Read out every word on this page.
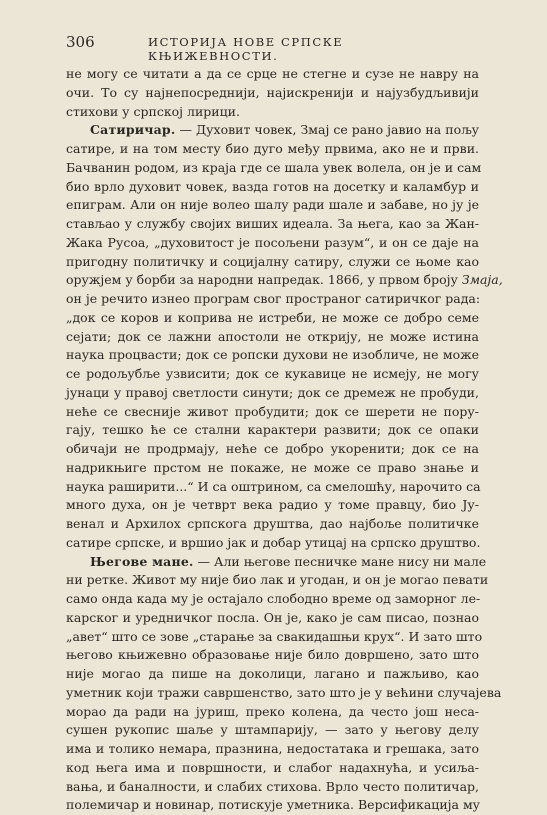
306	ИСТОРИЈА НОВЕ СРПСКЕ КЊИЖЕВНОСТИ.
не могу се читати а да се срце не стегне и сузе не навру на
очи. То су најнепосреднији, најискренији и најузбудљивији
стихови у српској лирици.
Сатиричар. — Духовит човек, Змај се рано јавио на пољу
сатире, и на том месту био дуго међу првима, ако не и први.
Бачванин родом, из краја где се шала увек волела, он је и сам
био врло духовит човек, вазда готов на досетку и каламбур и
епиграм. Али он није волео шалу ради шале и забаве, но ју је
стављао у службу својих виших идеала. За њега, као за Жан-
Жака Русоа, „духовитост је посољени разум“, и он се даје на
пригодну политичку и социјалну сатиру, служи се њоме као
оружјем у борби за народни напредак. 1866, у првом броју Змаја,
он је речито изнео програм свог пространог сатиричког рада:
„док се коров и коприва не истреби, не може се добро семе
сејати; док се лажни апостоли не открију, не може истина
наука процвасти; док се ропски духови не изобличе, не може
се родољубље узвисити; док се кукавице не исмеју, не могу
јунаци у правој светлости синути; док се дремеж не пробуди,
неће се свесније живот пробудити; док се шерети не пору-
гају, тешко ће се стални карактери развити; док се опаки
обичаји не продрмају, неће се добро укоренити; док се на
надрикњиге прстом не покаже, не може се право знање и
наука раширити...“ И са оштрином, са смелошћу, нарочито са
много духа, он је четврт века радио у томе правцу, био Ју-
венал и Архилох српскога друштва, дао најбоље политичке
сатире српске, и вршио јак и добар утицај на српско друштво.
Његове мане. — Али његове песничке мане нису ни мале
ни ретке. Живот му није био лак и угодан, и он је могао певати
само онда када му је остајало слободно време од заморног ле-
карског и уредничког посла. Он је, како је сам писао, познао
„авет“ што се зове „старање за свакидашњи крух“. И зато што
његово књижевно образовање није било довршено, зато што
није могао да пише на доколици, лагано и пажљиво, као
уметник који тражи савршенство, зато што је у већини случајева
морао да ради на јуриш, преко колена, да често још неса-
сушен рукопис шаље у штампарију, — зато у његову делу
има и толико немара, празнина, недостатака и грешака, зато
код њега има и површности, и слабог надахнућа, и усиља-
вања, и баналности, и слабих стихова. Врло често политичар,
полемичар и новинар, потискује уметника. Версификација му
